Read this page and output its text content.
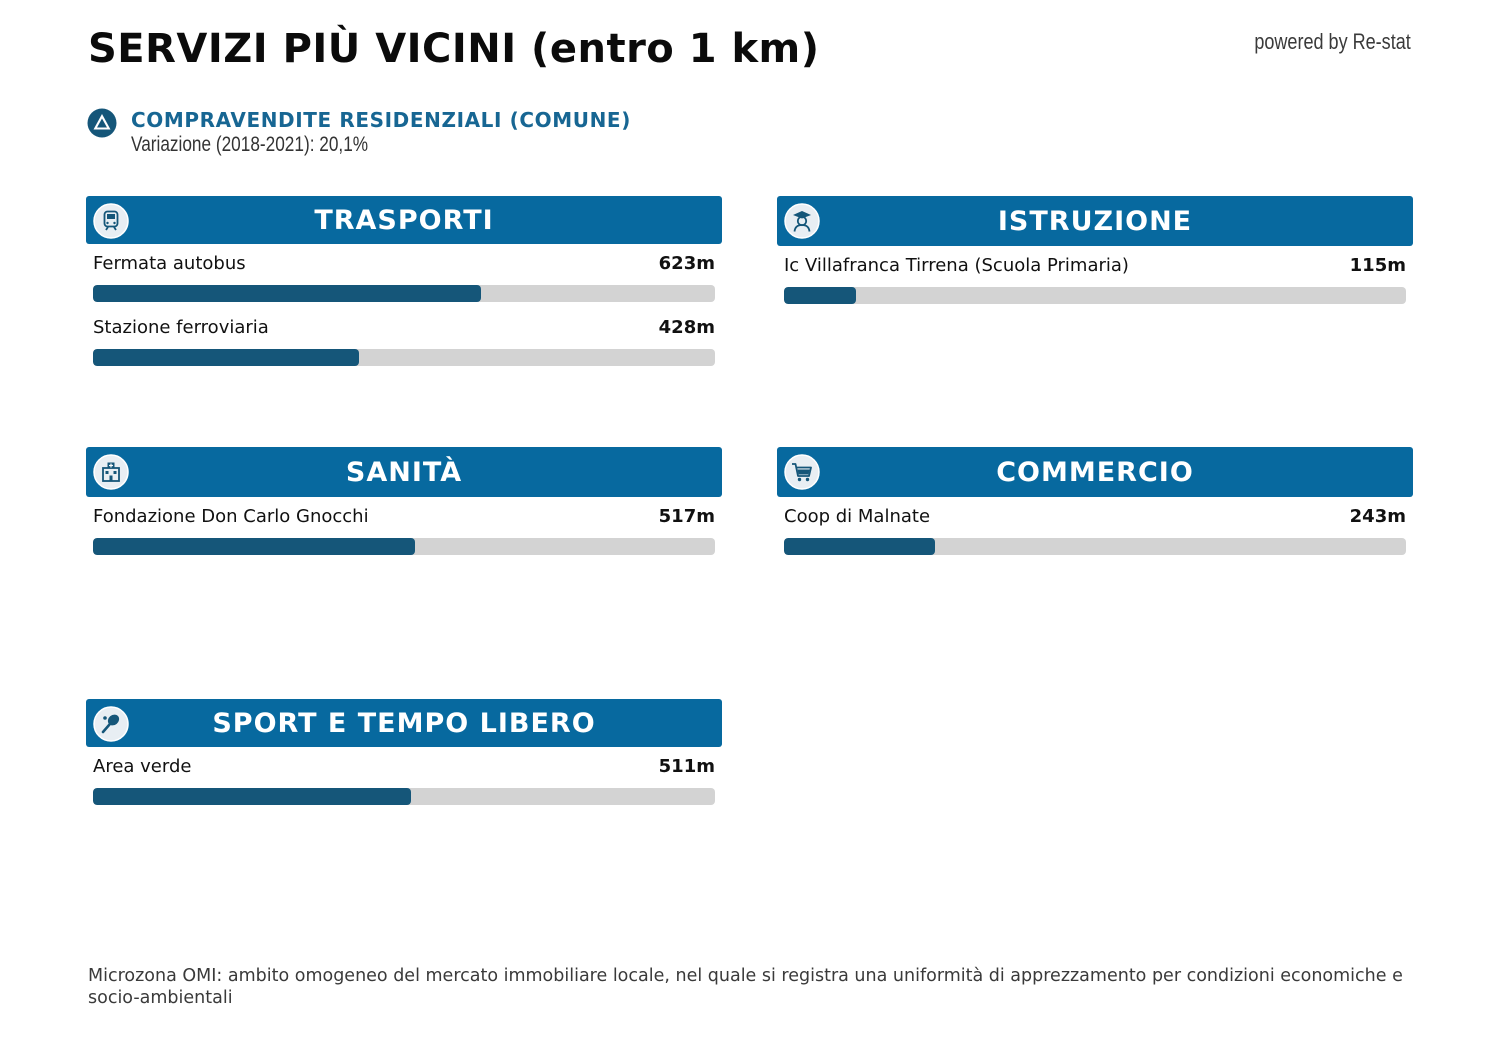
SERVIZI PIÙ VICINI (entro 1 km)	powered by Re-stat
COMPRAVENDITE RESIDENZIALI (COMUNE)
Variazione (2018-2021): 20,1%
TRASPORTI
Fermata autobus	623m
Stazione ferroviaria	428m
ISTRUZIONE
Ic Villafranca Tirrena (Scuola Primaria)	115m
SANITÀ
Fondazione Don Carlo Gnocchi	517m
COMMERCIO
Coop di Malnate	243m
SPORT E TEMPO LIBERO
Area verde	511m
Microzona OMI: ambito omogeneo del mercato immobiliare locale, nel quale si registra una uniformità di apprezzamento per condizioni economiche e socio-ambientali
